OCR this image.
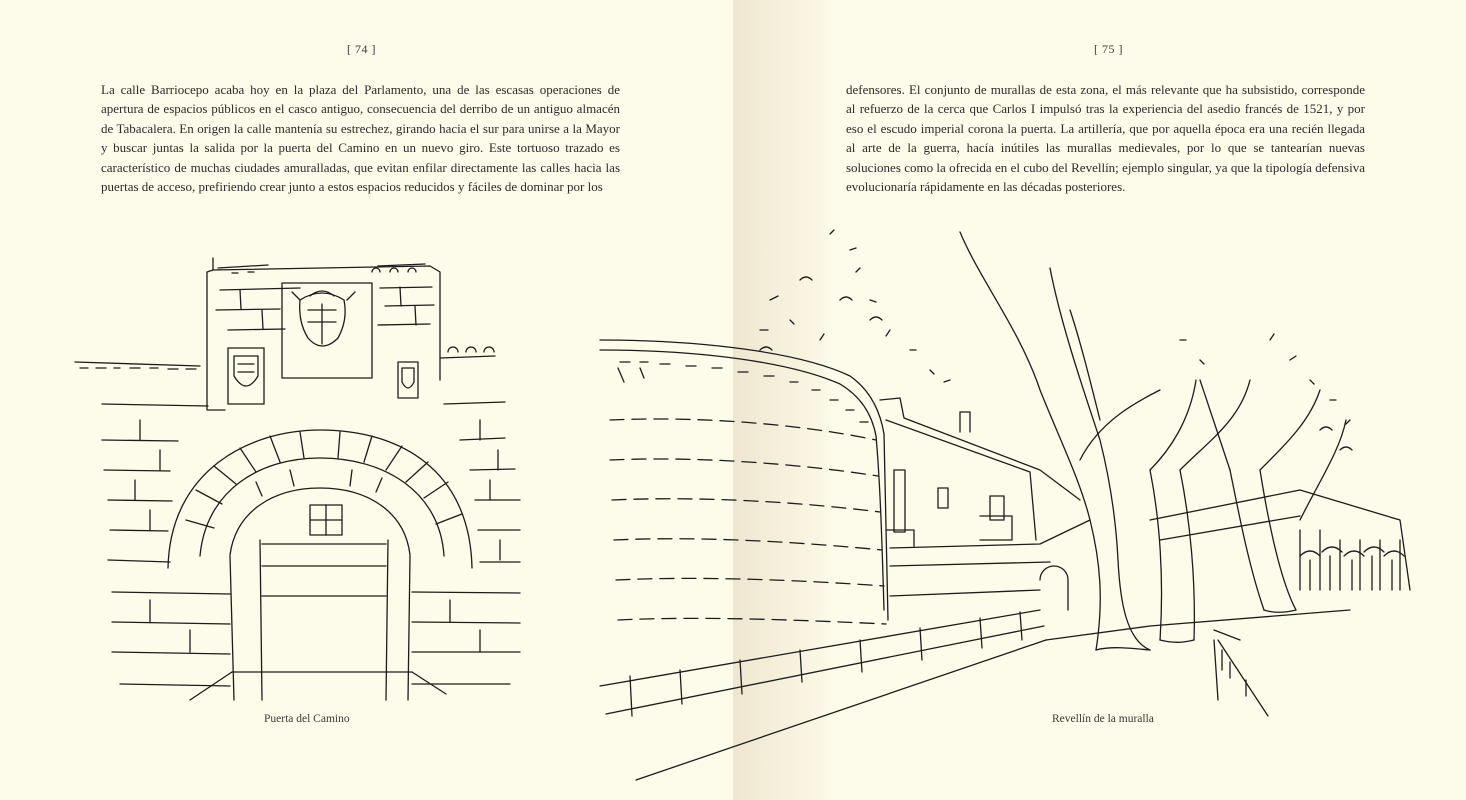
[ 74 ]	[ 75 ]

La calle Barriocepo acaba hoy en la plaza del Parlamento, una de las escasas operaciones de apertura de espacios públicos en el casco antiguo, consecuencia del derribo de un antiguo almacén de Tabacalera. En origen la calle mantenía su estrechez, girando hacia el sur para unirse a la Mayor y buscar juntas la salida por la puerta del Camino en un nuevo giro. Este tortuoso trazado es característico de muchas ciudades amuralladas, que evitan enfilar directamente las calles hacia las puertas de acceso, prefiriendo crear junto a estos espacios reducidos y fáciles de dominar por los

defensores. El conjunto de murallas de esta zona, el más relevante que ha subsistido, corresponde al refuerzo de la cerca que Carlos I impulsó tras la experiencia del asedio francés de 1521, y por eso el escudo imperial corona la puerta. La artillería, que por aquella época era una recién llegada al arte de la guerra, hacía inútiles las murallas medievales, por lo que se tantearían nuevas soluciones como la ofrecida en el cubo del Revellín; ejemplo singular, ya que la tipología defensiva evolucionaría rápidamente en las décadas posteriores.

Puerta del Camino	Revellín de la muralla
